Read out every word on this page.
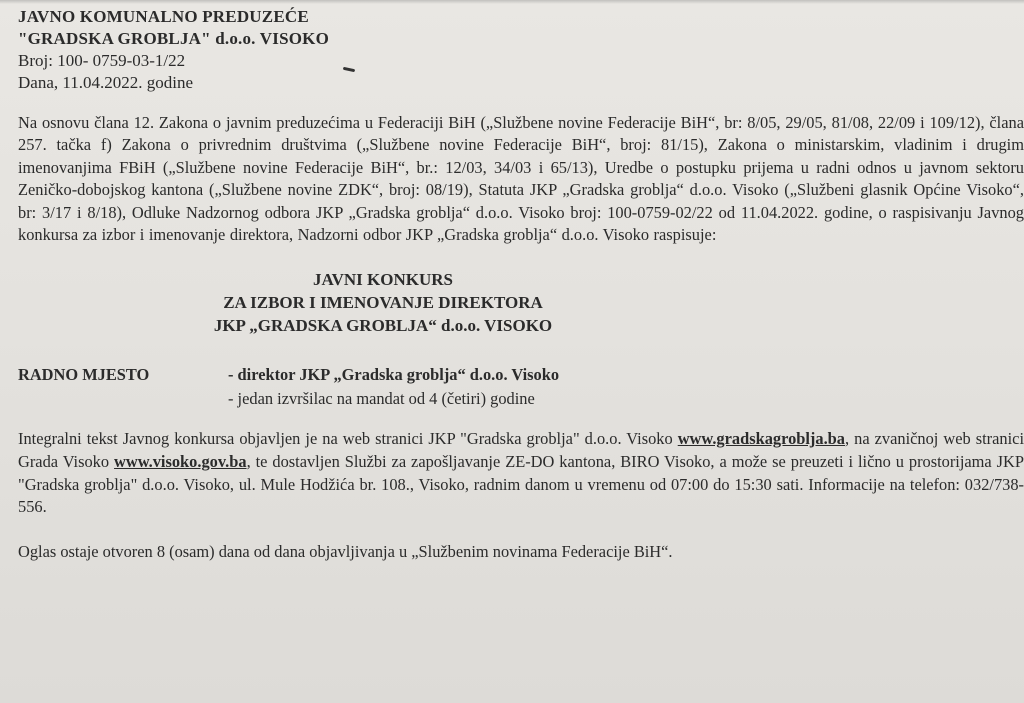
JAVNO KOMUNALNO PREDUZEĆE
"GRADSKA GROBLJA" d.o.o. VISOKO
Broj: 100- 0759-03-1/22
Dana, 11.04.2022. godine
Na osnovu člana 12. Zakona o javnim preduzećima u Federaciji BiH („Službene novine Federacije BiH“, br: 8/05, 29/05, 81/08, 22/09 i 109/12), člana 257. tačka f) Zakona o privrednim društvima („Službene novine Federacije BiH“, broj: 81/15), Zakona o ministarskim, vladinim i drugim imenovanjima FBiH („Službene novine Federacije BiH“, br.: 12/03, 34/03 i 65/13), Uredbe o postupku prijema u radni odnos u javnom sektoru Zeničko-dobojskog kantona („Službene novine ZDK“, broj: 08/19), Statuta JKP „Gradska groblja“ d.o.o. Visoko („Službeni glasnik Općine Visoko“, br: 3/17 i 8/18), Odluke Nadzornog odbora JKP „Gradska groblja“ d.o.o. Visoko broj: 100-0759-02/22 od 11.04.2022. godine, o raspisivanju Javnog konkursa za izbor i imenovanje direktora, Nadzorni odbor JKP „Gradska groblja“ d.o.o. Visoko raspisuje:
JAVNI KONKURS
ZA IZBOR I IMENOVANJE DIREKTORA
JKP „GRADSKA GROBLJA“ d.o.o. VISOKO
RADNO MJESTO	- direktor JKP „Gradska groblja“ d.o.o. Visoko
- jedan izvršilac na mandat od 4 (četiri) godine
Integralni tekst Javnog konkursa objavljen je na web stranici JKP "Gradska groblja" d.o.o. Visoko www.gradskagroblja.ba, na zvaničnoj web stranici Grada Visoko www.visoko.gov.ba, te dostavljen Službi za zapošljavanje ZE-DO kantona, BIRO Visoko, a može se preuzeti i lično u prostorijama JKP "Gradska groblja" d.o.o. Visoko, ul. Mule Hodžića br. 108., Visoko, radnim danom u vremenu od 07:00 do 15:30 sati. Informacije na telefon: 032/738-556.
Oglas ostaje otvoren 8 (osam) dana od dana objavljivanja u „Službenim novinama Federacije BiH“.
